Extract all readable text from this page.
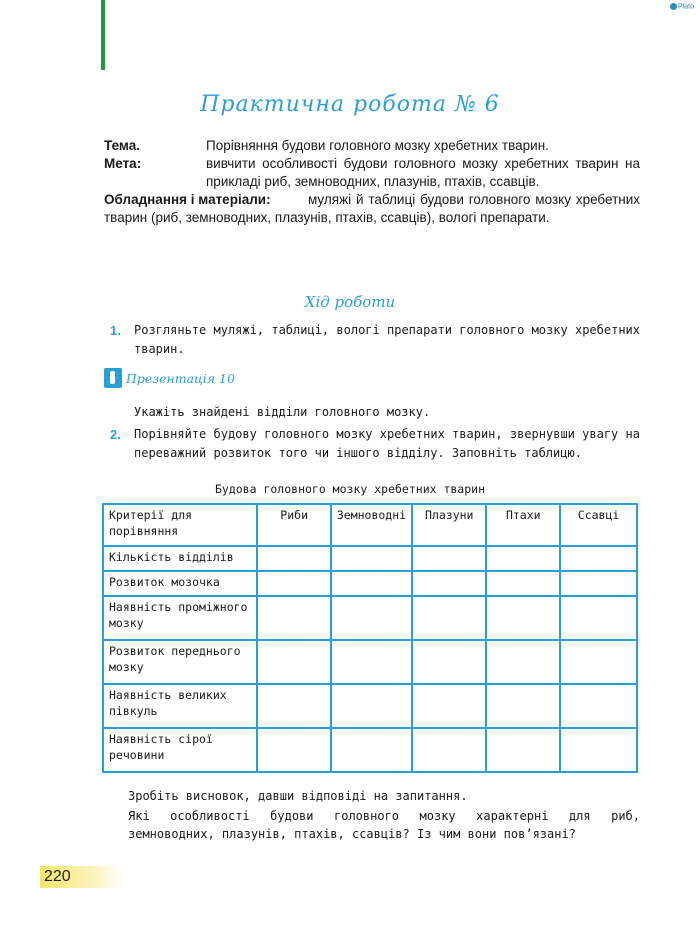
Plato
Практична робота № 6
Тема.	Порівняння будови головного мозку хребетних тварин.
Мета:	вивчити особливості будови головного мозку хребетних тварин на прикладі риб, земноводних, плазунів, птахів, ссавців.
Обладнання і матеріали:	муляжі й таблиці будови головного мозку хребетних тварин (риб, земноводних, плазунів, птахів, ссавців), вологі препарати.
Хід роботи
1. Розгляньте муляжі, таблиці, вологі препарати головного мозку хребетних тварин.
Презентація 10
Укажіть знайдені відділи головного мозку.
2. Порівняйте будову головного мозку хребетних тварин, звернувши увагу на переважний розвиток того чи іншого відділу. Заповніть таблицю.
Будова головного мозку хребетних тварин
Критерії для порівняння	Риби	Земноводні	Плазуни	Птахи	Ссавці
Кількість відділів					
Розвиток мозочка					
Наявність проміжного мозку					
Розвиток переднього мозку					
Наявність великих півкуль					
Наявність сірої речовини					
Зробіть висновок, давши відповіді на запитання.
Які особливості будови головного мозку характерні для риб, земноводних, плазунів, птахів, ссавців? Із чим вони пов’язані?
220
